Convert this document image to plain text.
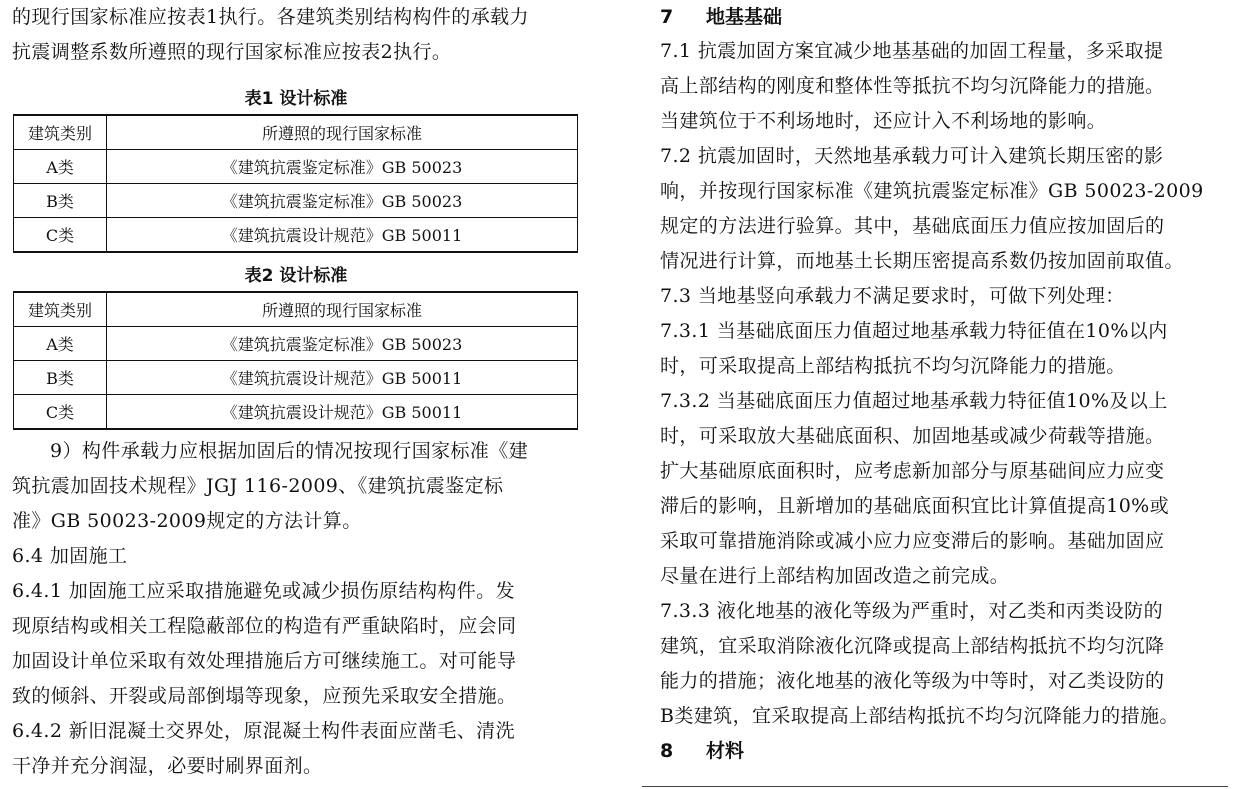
的现行国家标准应按表1执行。各建筑类别结构构件的承载力
抗震调整系数所遵照的现行国家标准应按表2执行。
表1 设计标准
建筑类别	所遵照的现行国家标准
A类	《建筑抗震鉴定标准》GB 50023
B类	《建筑抗震鉴定标准》GB 50023
C类	《建筑抗震设计规范》GB 50011
表2 设计标准
建筑类别	所遵照的现行国家标准
A类	《建筑抗震鉴定标准》GB 50023
B类	《建筑抗震设计规范》GB 50011
C类	《建筑抗震设计规范》GB 50011
9）构件承载力应根据加固后的情况按现行国家标准《建
筑抗震加固技术规程》JGJ 116-2009、《建筑抗震鉴定标
准》GB 50023-2009规定的方法计算。
6.4 加固施工
6.4.1 加固施工应采取措施避免或减少损伤原结构构件。发
现原结构或相关工程隐蔽部位的构造有严重缺陷时，应会同
加固设计单位采取有效处理措施后方可继续施工。对可能导
致的倾斜、开裂或局部倒塌等现象，应预先采取安全措施。
6.4.2 新旧混凝土交界处，原混凝土构件表面应凿毛、清洗
干净并充分润湿，必要时刷界面剂。
7 地基基础
7.1 抗震加固方案宜减少地基基础的加固工程量，多采取提
高上部结构的刚度和整体性等抵抗不均匀沉降能力的措施。
当建筑位于不利场地时，还应计入不利场地的影响。
7.2 抗震加固时，天然地基承载力可计入建筑长期压密的影
响，并按现行国家标准《建筑抗震鉴定标准》GB 50023-2009
规定的方法进行验算。其中，基础底面压力值应按加固后的
情况进行计算，而地基土长期压密提高系数仍按加固前取值。
7.3 当地基竖向承载力不满足要求时，可做下列处理：
7.3.1 当基础底面压力值超过地基承载力特征值在10%以内
时，可采取提高上部结构抵抗不均匀沉降能力的措施。
7.3.2 当基础底面压力值超过地基承载力特征值10%及以上
时，可采取放大基础底面积、加固地基或减少荷载等措施。
扩大基础原底面积时，应考虑新加部分与原基础间应力应变
滞后的影响，且新增加的基础底面积宜比计算值提高10%或
采取可靠措施消除或减小应力应变滞后的影响。基础加固应
尽量在进行上部结构加固改造之前完成。
7.3.3 液化地基的液化等级为严重时，对乙类和丙类设防的
建筑，宜采取消除液化沉降或提高上部结构抵抗不均匀沉降
能力的措施；液化地基的液化等级为中等时，对乙类设防的
B类建筑，宜采取提高上部结构抵抗不均匀沉降能力的措施。
8 材料
